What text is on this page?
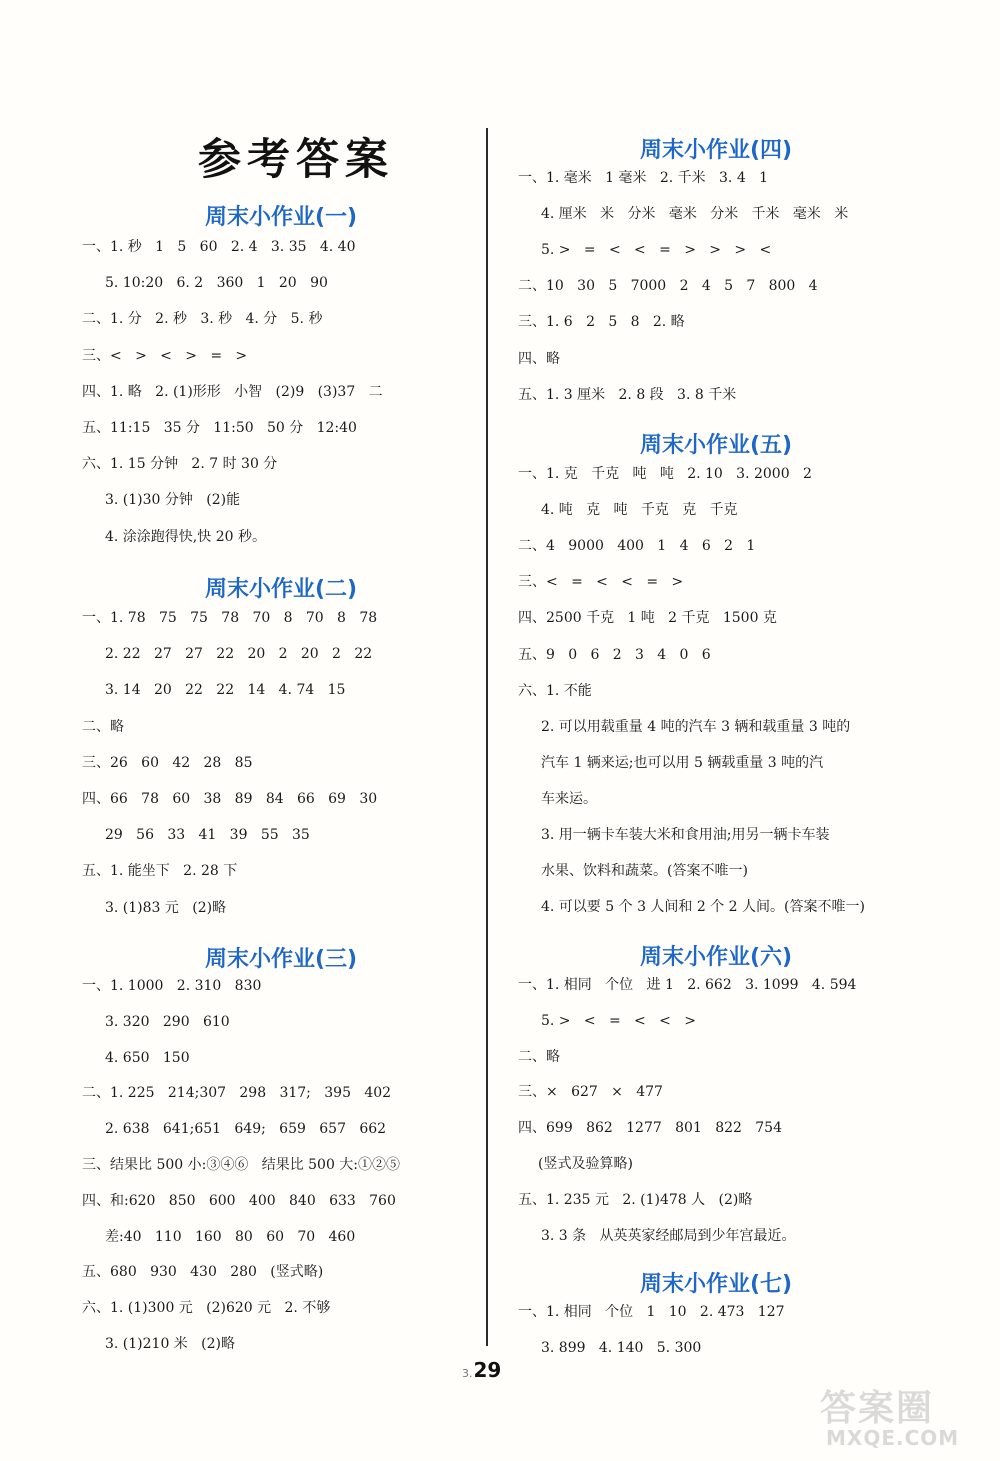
参考答案
周末小作业(一)
一、1. 秒   1   5   60   2. 4   3. 35   4. 40
5. 10:20   6. 2   360   1   20   90
二、1. 分   2. 秒   3. 秒   4. 分   5. 秒
三、<   >   <   >   =   >
四、1. 略   2. (1)形形   小智   (2)9   (3)37   二
五、11:15   35 分   11:50   50 分   12:40
六、1. 15 分钟   2. 7 时 30 分
3. (1)30 分钟   (2)能
4. 涂涂跑得快,快 20 秒。
周末小作业(二)
一、1. 78   75   75   78   70   8   70   8   78
2. 22   27   27   22   20   2   20   2   22
3. 14   20   22   22   14   4. 74   15
二、略
三、26   60   42   28   85
四、66   78   60   38   89   84   66   69   30
29   56   33   41   39   55   35
五、1. 能坐下   2. 28 下
3. (1)83 元   (2)略
周末小作业(三)
一、1. 1000   2. 310   830
3. 320   290   610
4. 650   150
二、1. 225   214;307   298   317;   395   402
2. 638   641;651   649;   659   657   662
三、结果比 500 小:③④⑥   结果比 500 大:①②⑤
四、和:620   850   600   400   840   633   760
差:40   110   160   80   60   70   460
五、680   930   430   280   (竖式略)
六、1. (1)300 元   (2)620 元   2. 不够
3. (1)210 米   (2)略
周末小作业(四)
一、1. 毫米   1 毫米   2. 千米   3. 4   1
4. 厘米   米   分米   毫米   分米   千米   毫米   米
5. >   =   <   <   =   >   >   >   <
二、10   30   5   7000   2   4   5   7   800   4
三、1. 6   2   5   8   2. 略
四、略
五、1. 3 厘米   2. 8 段   3. 8 千米
周末小作业(五)
一、1. 克   千克   吨   吨   2. 10   3. 2000   2
4. 吨   克   吨   千克   克   千克
二、4   9000   400   1   4   6   2   1
三、<   =   <   <   =   >
四、2500 千克   1 吨   2 千克   1500 克
五、9   0   6   2   3   4   0   6
六、1. 不能
2. 可以用载重量 4 吨的汽车 3 辆和载重量 3 吨的
汽车 1 辆来运;也可以用 5 辆载重量 3 吨的汽
车来运。
3. 用一辆卡车装大米和食用油;用另一辆卡车装
水果、饮料和蔬菜。(答案不唯一)
4. 可以要 5 个 3 人间和 2 个 2 人间。(答案不唯一)
周末小作业(六)
一、1. 相同   个位   进 1   2. 662   3. 1099   4. 594
5. >   <   =   <   <   >
二、略
三、×   627   ×   477
四、699   862   1277   801   822   754
(竖式及验算略)
五、1. 235 元   2. (1)478 人   (2)略
3. 3 条   从英英家经邮局到少年宫最近。
周末小作业(七)
一、1. 相同   个位   1   10   2. 473   127
3. 899   4. 140   5. 300
3.29
答案圈
MXQE.COM
